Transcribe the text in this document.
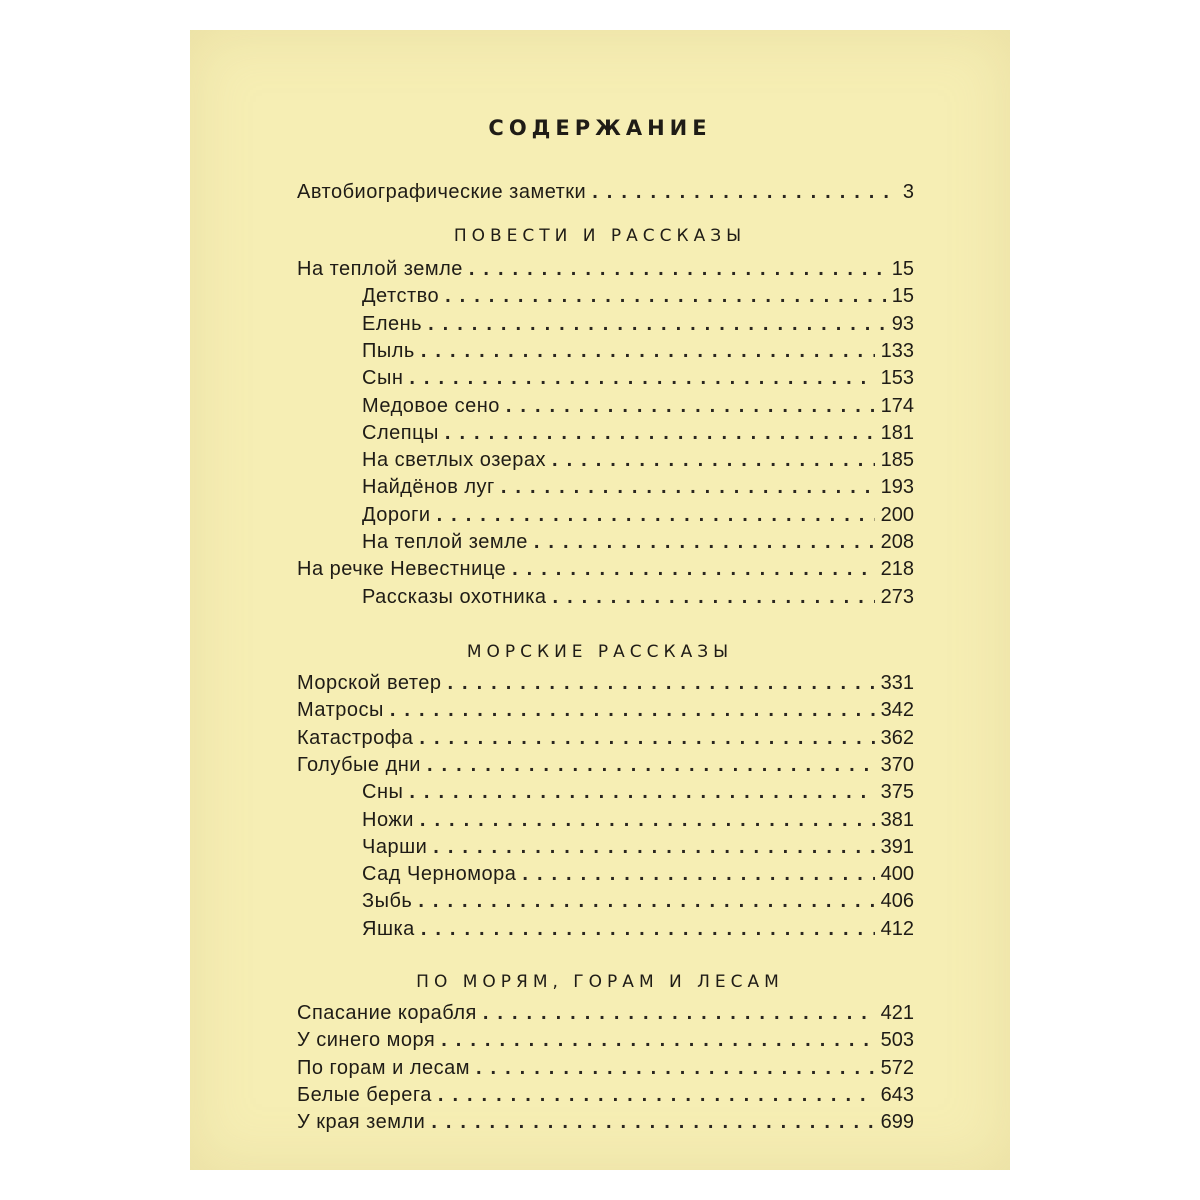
СОДЕРЖАНИЕ
Автобиографические заметки .....	3
ПОВЕСТИ И РАССКАЗЫ
На теплой земле .....	15
Детство .....	15
Елень .....	93
Пыль .....	133
Сын .....	153
Медовое сено .....	174
Слепцы .....	181
На светлых озерах .....	185
Найдёнов луг .....	193
Дороги .....	200
На теплой земле .....	208
На речке Невестнице .....	218
Рассказы охотника .....	273
МОРСКИЕ РАССКАЗЫ
Морской ветер .....	331
Матросы .....	342
Катастрофа .....	362
Голубые дни .....	370
Сны .....	375
Ножи .....	381
Чарши .....	391
Сад Черномора .....	400
Зыбь .....	406
Яшка .....	412
ПО МОРЯМ, ГОРАМ И ЛЕСАМ
Спасание корабля .....	421
У синего моря .....	503
По горам и лесам .....	572
Белые берега .....	643
У края земли .....	699
